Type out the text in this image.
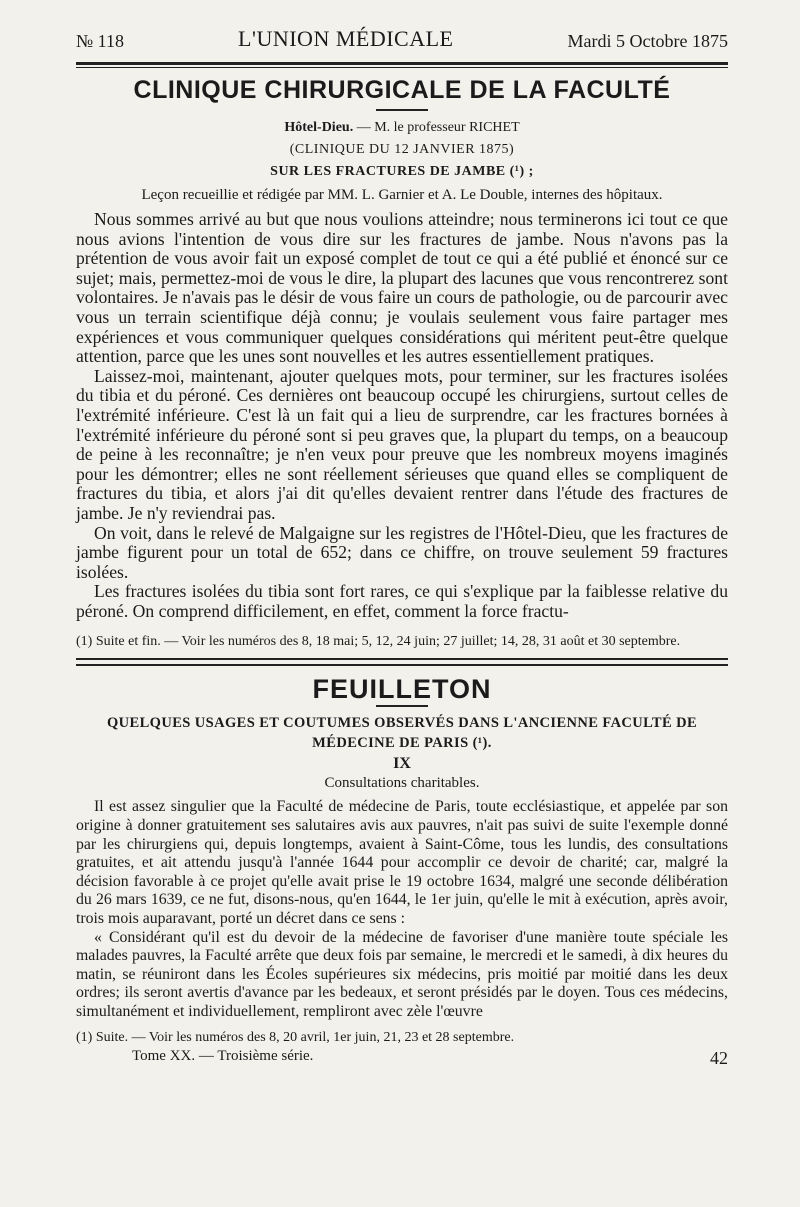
№ 118	L'UNION MÉDICALE	Mardi 5 Octobre 1875
CLINIQUE CHIRURGICALE DE LA FACULTÉ
Hôtel-Dieu. — M. le professeur RICHET
(CLINIQUE DU 12 JANVIER 1875)
SUR LES FRACTURES DE JAMBE (¹) ;
Leçon recueillie et rédigée par MM. L. Garnier et A. Le Double, internes des hôpitaux.

Nous sommes arrivé au but que nous voulions atteindre; nous terminerons ici tout ce que nous avions l'intention de vous dire sur les fractures de jambe. Nous n'avons pas la prétention de vous avoir fait un exposé complet de tout ce qui a été publié et énoncé sur ce sujet; mais, permettez-moi de vous le dire, la plupart des lacunes que vous rencontrerez sont volontaires. Je n'avais pas le désir de vous faire un cours de pathologie, ou de parcourir avec vous un terrain scientifique déjà connu; je voulais seulement vous faire partager mes expériences et vous communiquer quelques considérations qui méritent peut-être quelque attention, parce que les unes sont nouvelles et les autres essentiellement pratiques.

Laissez-moi, maintenant, ajouter quelques mots, pour terminer, sur les fractures isolées du tibia et du péroné. Ces dernières ont beaucoup occupé les chirurgiens, surtout celles de l'extrémité inférieure. C'est là un fait qui a lieu de surprendre, car les fractures bornées à l'extrémité inférieure du péroné sont si peu graves que, la plupart du temps, on a beaucoup de peine à les reconnaître; je n'en veux pour preuve que les nombreux moyens imaginés pour les démontrer; elles ne sont réellement sérieuses que quand elles se compliquent de fractures du tibia, et alors j'ai dit qu'elles devaient rentrer dans l'étude des fractures de jambe. Je n'y reviendrai pas.

On voit, dans le relevé de Malgaigne sur les registres de l'Hôtel-Dieu, que les fractures de jambe figurent pour un total de 652; dans ce chiffre, on trouve seulement 59 fractures isolées.

Les fractures isolées du tibia sont fort rares, ce qui s'explique par la faiblesse relative du péroné. On comprend difficilement, en effet, comment la force fractu-

(1) Suite et fin. — Voir les numéros des 8, 18 mai; 5, 12, 24 juin; 27 juillet; 14, 28, 31 août et 30 septembre.
FEUILLETON
QUELQUES USAGES ET COUTUMES OBSERVÉS DANS L'ANCIENNE FACULTÉ DE MÉDECINE DE PARIS (¹).
IX
Consultations charitables.

Il est assez singulier que la Faculté de médecine de Paris, toute ecclésiastique, et appelée par son origine à donner gratuitement ses salutaires avis aux pauvres, n'ait pas suivi de suite l'exemple donné par les chirurgiens qui, depuis longtemps, avaient à Saint-Côme, tous les lundis, des consultations gratuites, et ait attendu jusqu'à l'année 1644 pour accomplir ce devoir de charité; car, malgré la décision favorable à ce projet qu'elle avait prise le 19 octobre 1634, malgré une seconde délibération du 26 mars 1639, ce ne fut, disons-nous, qu'en 1644, le 1er juin, qu'elle le mit à exécution, après avoir, trois mois auparavant, porté un décret dans ce sens :

« Considérant qu'il est du devoir de la médecine de favoriser d'une manière toute spéciale les malades pauvres, la Faculté arrête que deux fois par semaine, le mercredi et le samedi, à dix heures du matin, se réuniront dans les Écoles supérieures six médecins, pris moitié par moitié dans les deux ordres; ils seront avertis d'avance par les bedeaux, et seront présidés par le doyen. Tous ces médecins, simultanément et individuellement, rempliront avec zèle l'œuvre

(1) Suite. — Voir les numéros des 8, 20 avril, 1er juin, 21, 23 et 28 septembre.
Tome XX. — Troisième série.	42
